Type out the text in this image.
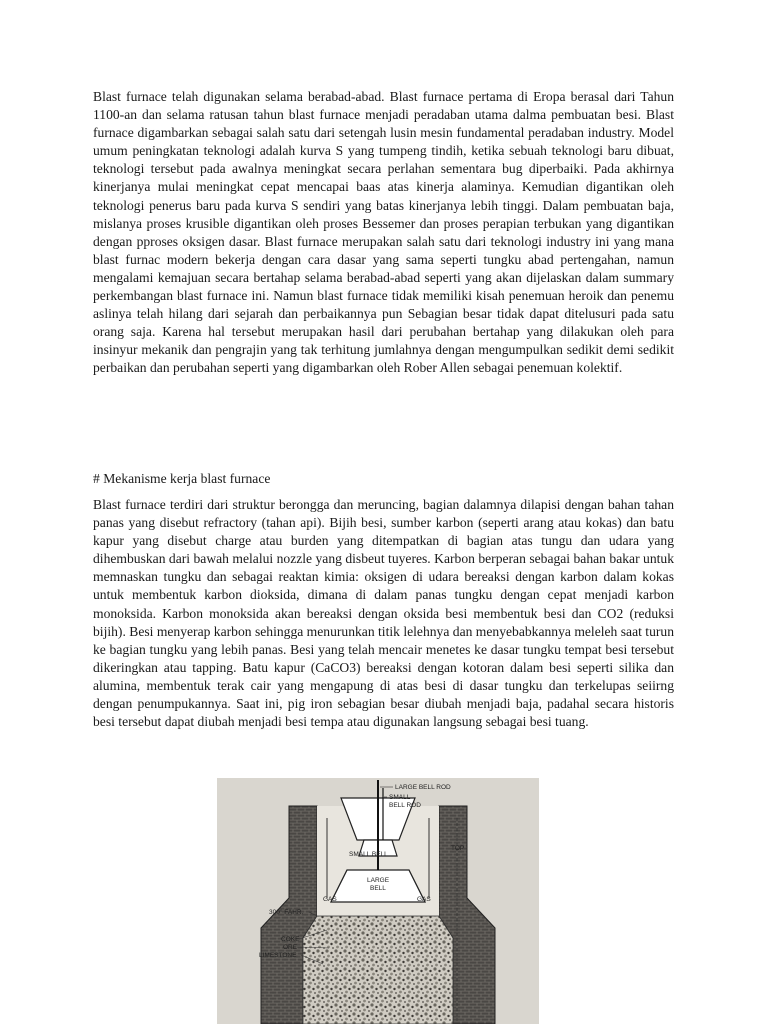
Blast furnace telah digunakan selama berabad-abad. Blast furnace pertama di Eropa berasal dari Tahun 1100-an dan selama ratusan tahun blast furnace menjadi peradaban utama dalma pembuatan besi. Blast furnace digambarkan sebagai salah satu dari setengah lusin mesin fundamental peradaban industry. Model umum peningkatan teknologi adalah kurva S yang tumpeng tindih, ketika sebuah teknologi baru dibuat, teknologi tersebut pada awalnya meningkat secara perlahan sementara bug diperbaiki. Pada akhirnya kinerjanya mulai meningkat cepat mencapai baas atas kinerja alaminya. Kemudian digantikan oleh teknologi penerus baru pada kurva S sendiri yang batas kinerjanya lebih tinggi. Dalam pembuatan baja, mislanya proses krusible digantikan oleh proses Bessemer dan proses perapian terbukan yang digantikan dengan pproses oksigen dasar. Blast furnace merupakan salah satu dari teknologi industry ini yang mana blast furnac modern bekerja dengan cara dasar yang sama seperti tungku abad pertengahan, namun mengalami kemajuan secara bertahap selama berabad-abad seperti yang akan dijelaskan dalam summary perkembangan blast furnace ini. Namun blast furnace tidak memiliki kisah penemuan heroik dan penemu aslinya telah hilang dari sejarah dan perbaikannya pun Sebagian besar tidak dapat ditelusuri pada satu orang saja. Karena hal tersebut merupakan hasil dari perubahan bertahap yang dilakukan oleh para insinyur mekanik dan pengrajin yang tak terhitung jumlahnya dengan mengumpulkan sedikit demi sedikit perbaikan dan perubahan seperti yang digambarkan oleh Rober Allen sebagai penemuan kolektif.

# Mekanisme kerja blast furnace

Blast furnace terdiri dari struktur berongga dan meruncing, bagian dalamnya dilapisi dengan bahan tahan panas yang disebut refractory (tahan api). Bijih besi, sumber karbon (seperti arang atau kokas) dan batu kapur yang disebut charge atau burden yang ditempatkan di bagian atas tungu dan udara yang dihembuskan dari bawah melalui nozzle yang disbeut tuyeres. Karbon berperan sebagai bahan bakar untuk memnaskan tungku dan sebagai reaktan kimia: oksigen di udara bereaksi dengan karbon dalam kokas untuk membentuk karbon dioksida, dimana di dalam panas tungku dengan cepat menjadi karbon monoksida. Karbon monoksida akan bereaksi dengan oksida besi membentuk besi dan CO2 (reduksi bijih). Besi menyerap karbon sehingga menurunkan titik lelehnya dan menyebabkannya meleleh saat turun ke bagian tungku yang lebih panas. Besi yang telah mencair menetes ke dasar tungku tempat besi tersebut dikeringkan atau tapping. Batu kapur (CaCO3) bereaksi dengan kotoran dalam besi seperti silika dan alumina, membentuk terak cair yang mengapung di atas besi di dasar tungku dan terkelupas seiirng dengan penumpukannya. Saat ini, pig iron sebagian besar diubah menjadi baja, padahal secara historis besi tersebut dapat diubah menjadi besi tempa atau digunakan langsung sebagai besi tuang.

LARGE BELL ROD
SMALL
BELL ROD
TOP
SMALL BELL
LARGE
BELL
GAS	GAS
300° FAHR.
COKE
ORE
LIMESTONE
